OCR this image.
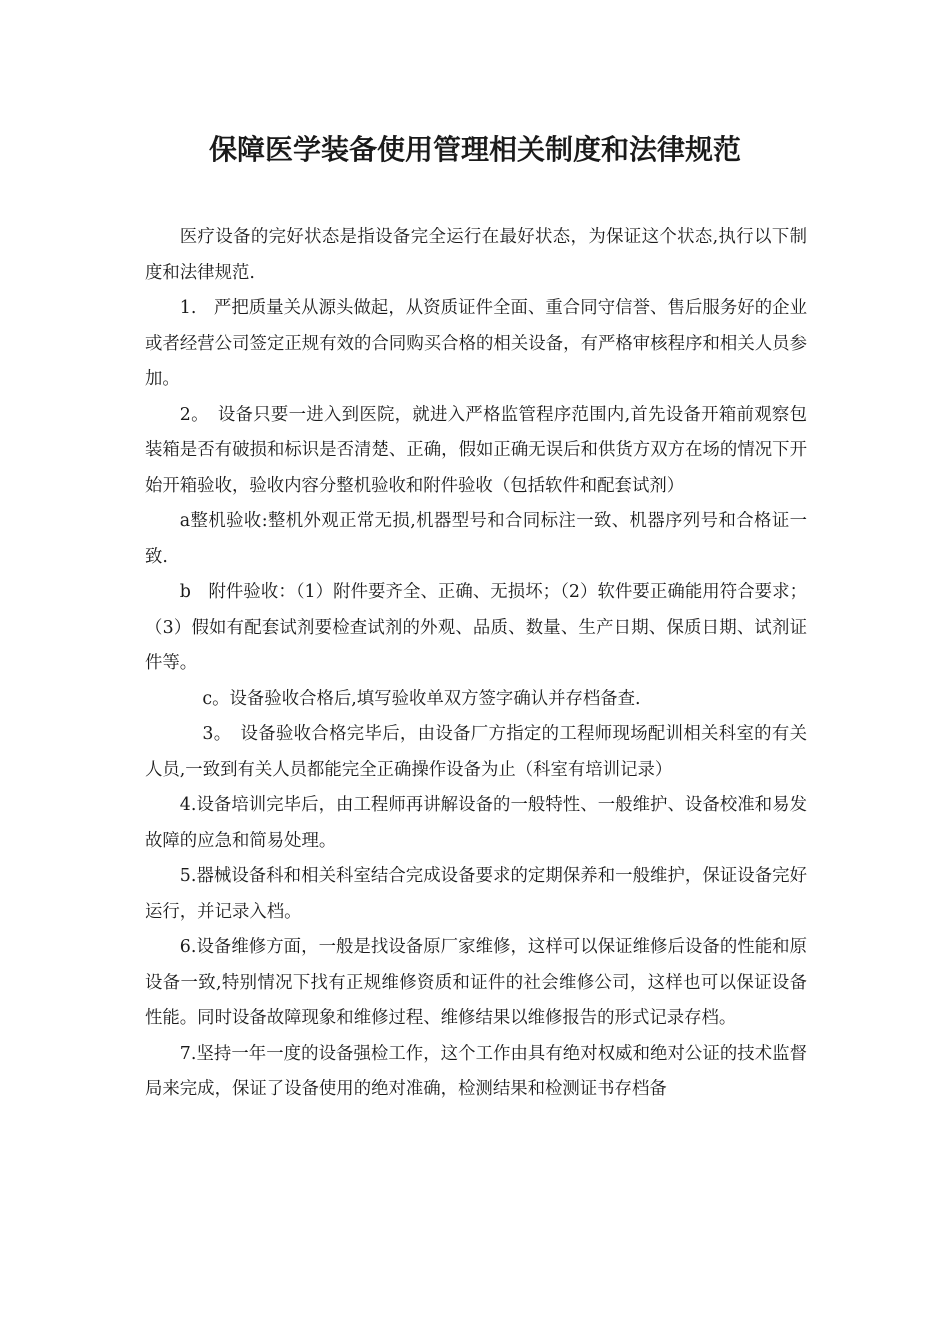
保障医学装备使用管理相关制度和法律规范

医疗设备的完好状态是指设备完全运行在最好状态，为保证这个状态,执行以下制度和法律规范.

1.　严把质量关从源头做起，从资质证件全面、重合同守信誉、售后服务好的企业或者经营公司签定正规有效的合同购买合格的相关设备，有严格审核程序和相关人员参加。

2。　设备只要一进入到医院，就进入严格监管程序范围内,首先设备开箱前观察包装箱是否有破损和标识是否清楚、正确，假如正确无误后和供货方双方在场的情况下开始开箱验收，验收内容分整机验收和附件验收（包括软件和配套试剂）

a整机验收:整机外观正常无损,机器型号和合同标注一致、机器序列号和合格证一致.

b　附件验收：（1）附件要齐全、正确、无损坏；（2）软件要正确能用符合要求；（3）假如有配套试剂要检查试剂的外观、品质、数量、生产日期、保质日期、试剂证件等。

c。设备验收合格后,填写验收单双方签字确认并存档备查.

3。　设备验收合格完毕后，由设备厂方指定的工程师现场配训相关科室的有关人员,一致到有关人员都能完全正确操作设备为止（科室有培训记录）

4.设备培训完毕后，由工程师再讲解设备的一般特性、一般维护、设备校准和易发故障的应急和简易处理。

5.器械设备科和相关科室结合完成设备要求的定期保养和一般维护，保证设备完好运行，并记录入档。

6.设备维修方面，一般是找设备原厂家维修，这样可以保证维修后设备的性能和原设备一致,特别情况下找有正规维修资质和证件的社会维修公司，这样也可以保证设备性能。同时设备故障现象和维修过程、维修结果以维修报告的形式记录存档。

7.坚持一年一度的设备强检工作，这个工作由具有绝对权威和绝对公证的技术监督局来完成，保证了设备使用的绝对准确，检测结果和检测证书存档备
